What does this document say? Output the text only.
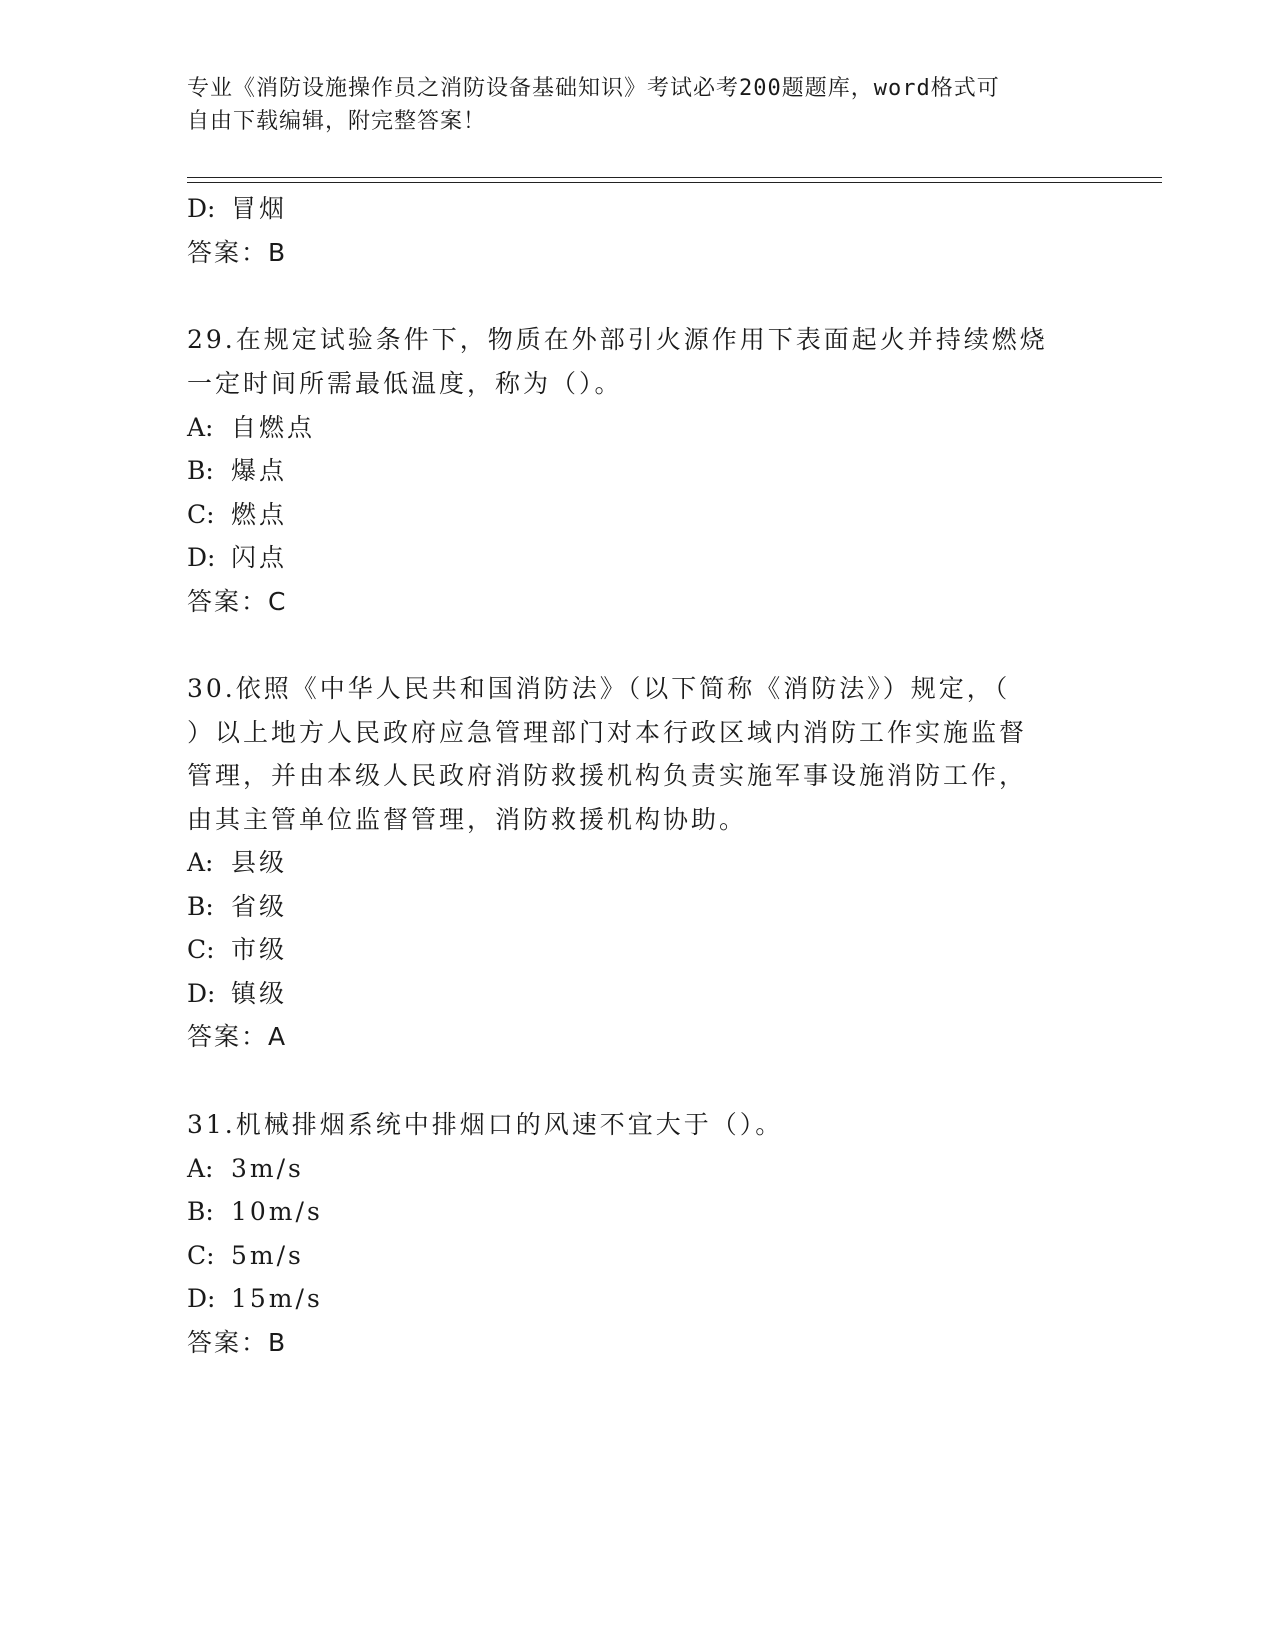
专业《消防设施操作员之消防设备基础知识》考试必考200题题库，word格式可
自由下载编辑，附完整答案！
D: 冒烟
答案：B
29.在规定试验条件下，物质在外部引火源作用下表面起火并持续燃烧
一定时间所需最低温度，称为（）。
A: 自燃点
B: 爆点
C: 燃点
D: 闪点
答案：C
30.依照《中华人民共和国消防法》（以下简称《消防法》）规定，（
）以上地方人民政府应急管理部门对本行政区域内消防工作实施监督
管理，并由本级人民政府消防救援机构负责实施军事设施消防工作，
由其主管单位监督管理，消防救援机构协助。
A: 县级
B: 省级
C: 市级
D: 镇级
答案：A
31.机械排烟系统中排烟口的风速不宜大于（）。
A: 3m/s
B: 10m/s
C: 5m/s
D: 15m/s
答案：B
